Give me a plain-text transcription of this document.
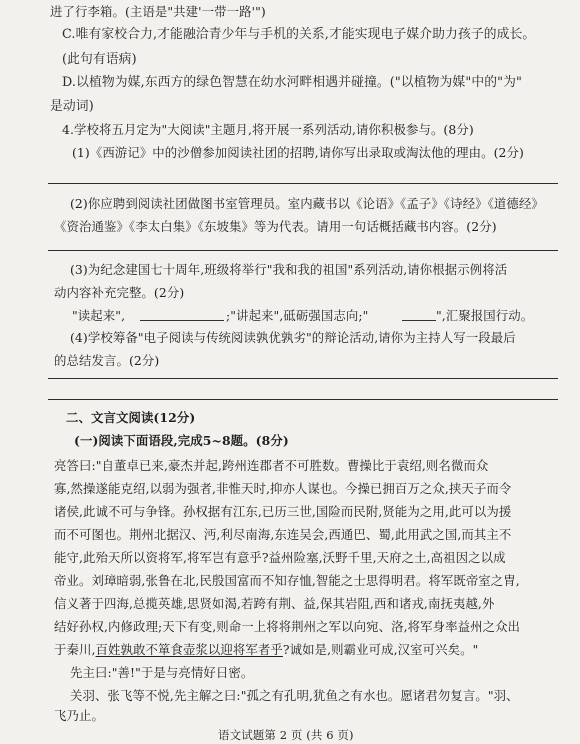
进了行李箱。(主语是"共建'一带一路'")
C.唯有家校合力,才能融洽青少年与手机的关系,才能实现电子媒介助力孩子的成长。
(此句有语病)
D.以植物为媒,东西方的绿色智慧在幼水河畔相遇并碰撞。("以植物为媒"中的"为"
是动词)
4.学校将五月定为"大阅读"主题月,将开展一系列活动,请你积极参与。(8分)
(1)《西游记》中的沙僧参加阅读社团的招聘,请你写出录取或淘汰他的理由。(2分)
(2)你应聘到阅读社团做图书室管理员。室内藏书以《论语》《孟子》《诗经》《道德经》
《资治通鉴》《李太白集》《东坡集》等为代表。请用一句话概括藏书内容。(2分)
(3)为纪念建国七十周年,班级将举行"我和我的祖国"系列活动,请你根据示例将活
动内容补充完整。(2分)
"读起来",	;"讲起来",砥砺强国志向;"	",汇聚报国行动。
(4)学校筹备"电子阅读与传统阅读孰优孰劣"的辩论活动,请你为主持人写一段最后
的总结发言。(2分)
二、文言文阅读(12分)
(一)阅读下面语段,完成5~8题。(8分)
亮答曰:"自董卓已来,豪杰并起,跨州连郡者不可胜数。曹操比于袁绍,则名微而众
寡,然操遂能克绍,以弱为强者,非惟天时,抑亦人谋也。今操已拥百万之众,挟天子而令
诸侯,此诚不可与争锋。孙权据有江东,已历三世,国险而民附,贤能为之用,此可以为援
而不可图也。荆州北据汉、沔,利尽南海,东连吴会,西通巴、蜀,此用武之国,而其主不
能守,此殆天所以资将军,将军岂有意乎?益州险塞,沃野千里,天府之土,高祖因之以成
帝业。刘璋暗弱,张鲁在北,民殷国富而不知存恤,智能之士思得明君。将军既帝室之胄,
信义著于四海,总揽英雄,思贤如渴,若跨有荆、益,保其岩阻,西和诸戎,南抚夷越,外
结好孙权,内修政理;天下有变,则命一上将将荆州之军以向宛、洛,将军身率益州之众出
于秦川,百姓孰敢不箪食壶浆以迎将军者乎?诚如是,则霸业可成,汉室可兴矣。"
先主曰:"善!"于是与亮情好日密。
关羽、张飞等不悦,先主解之曰:"孤之有孔明,犹鱼之有水也。愿诸君勿复言。"羽、
飞乃止。
语文试题第 2 页 (共 6 页)
